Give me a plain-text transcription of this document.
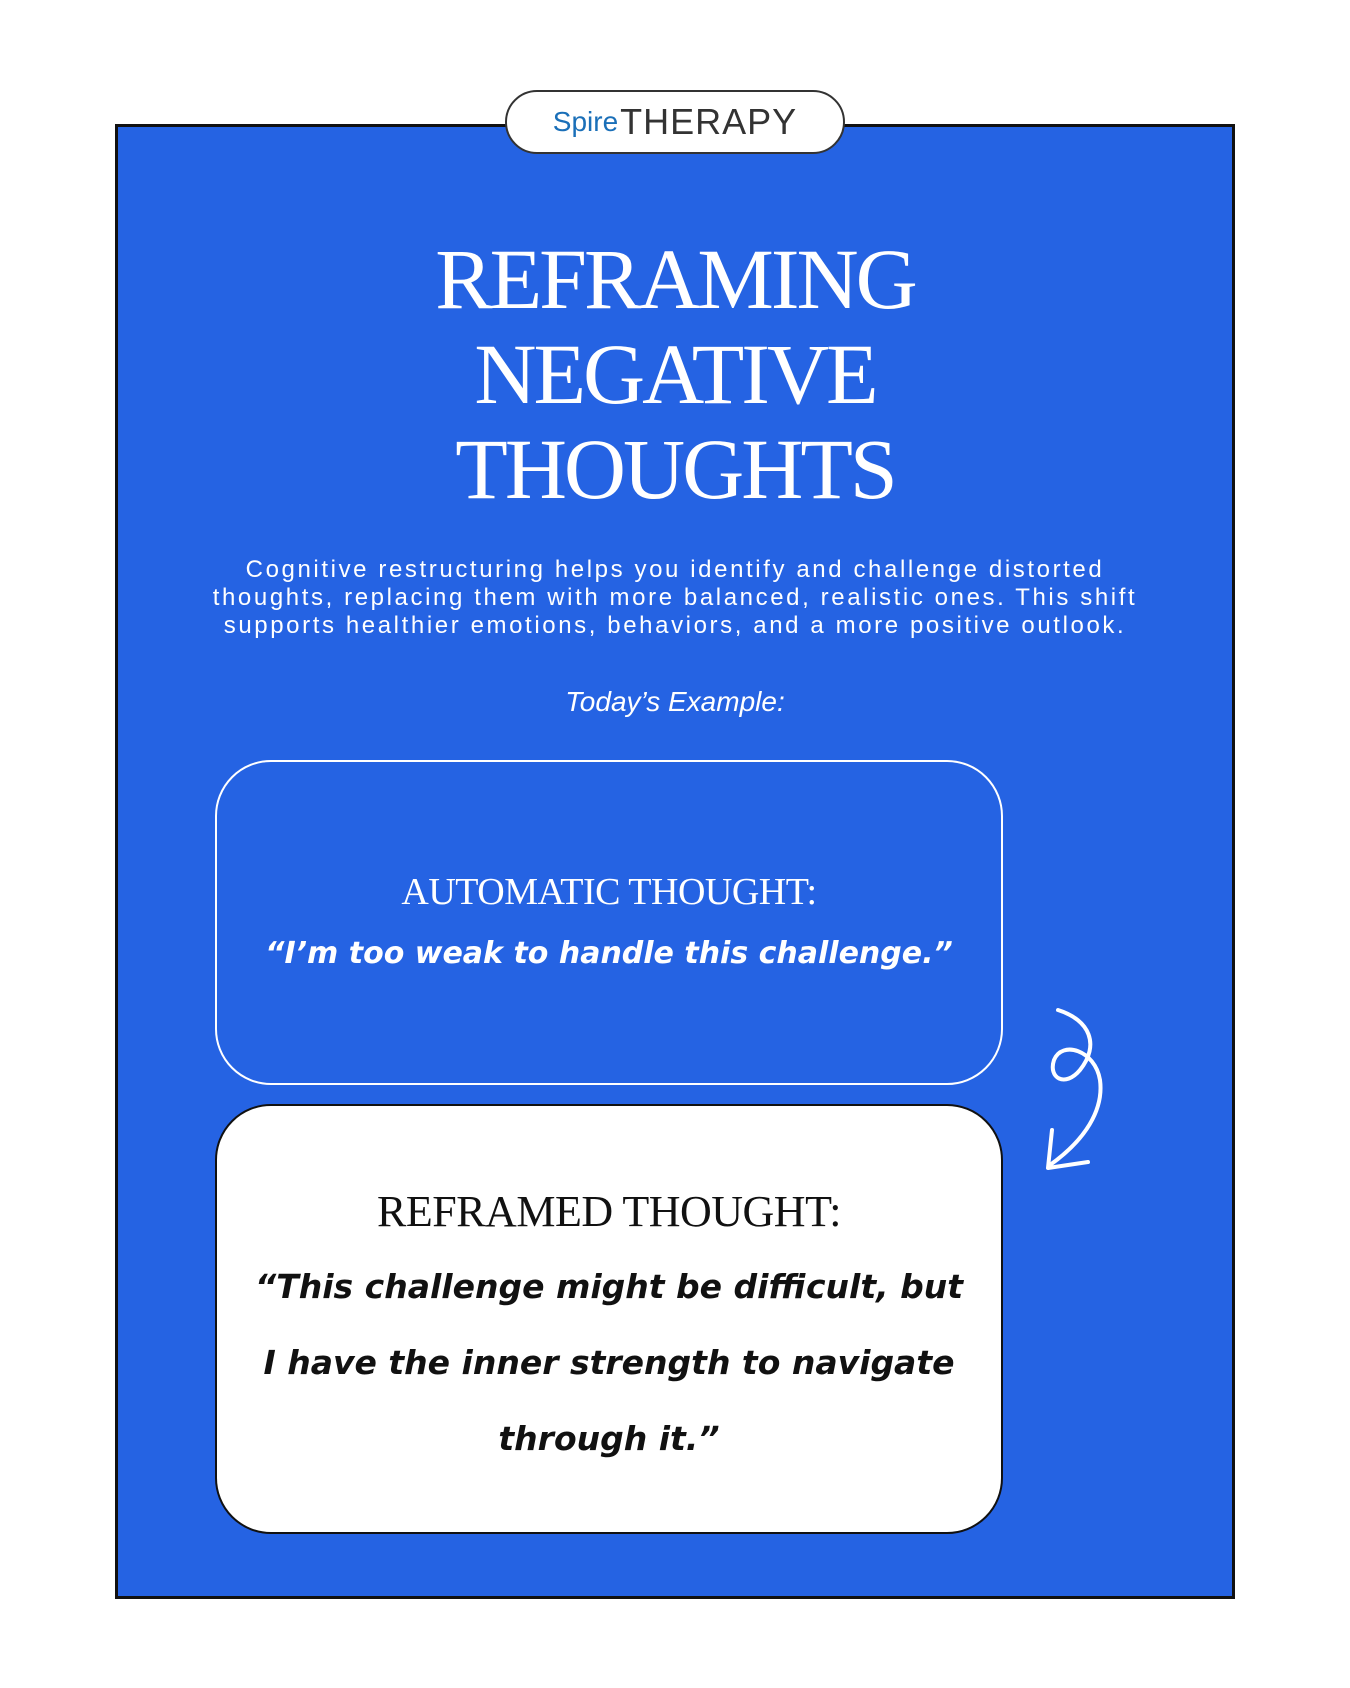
Spire THERAPY
REFRAMING
NEGATIVE
THOUGHTS
Cognitive restructuring helps you identify and challenge distorted
thoughts, replacing them with more balanced, realistic ones. This shift
supports healthier emotions, behaviors, and a more positive outlook.
Today’s Example:
AUTOMATIC THOUGHT:
“I’m too weak to handle this challenge.”
REFRAMED THOUGHT:
“This challenge might be difficult, but
I have the inner strength to navigate
through it.”
